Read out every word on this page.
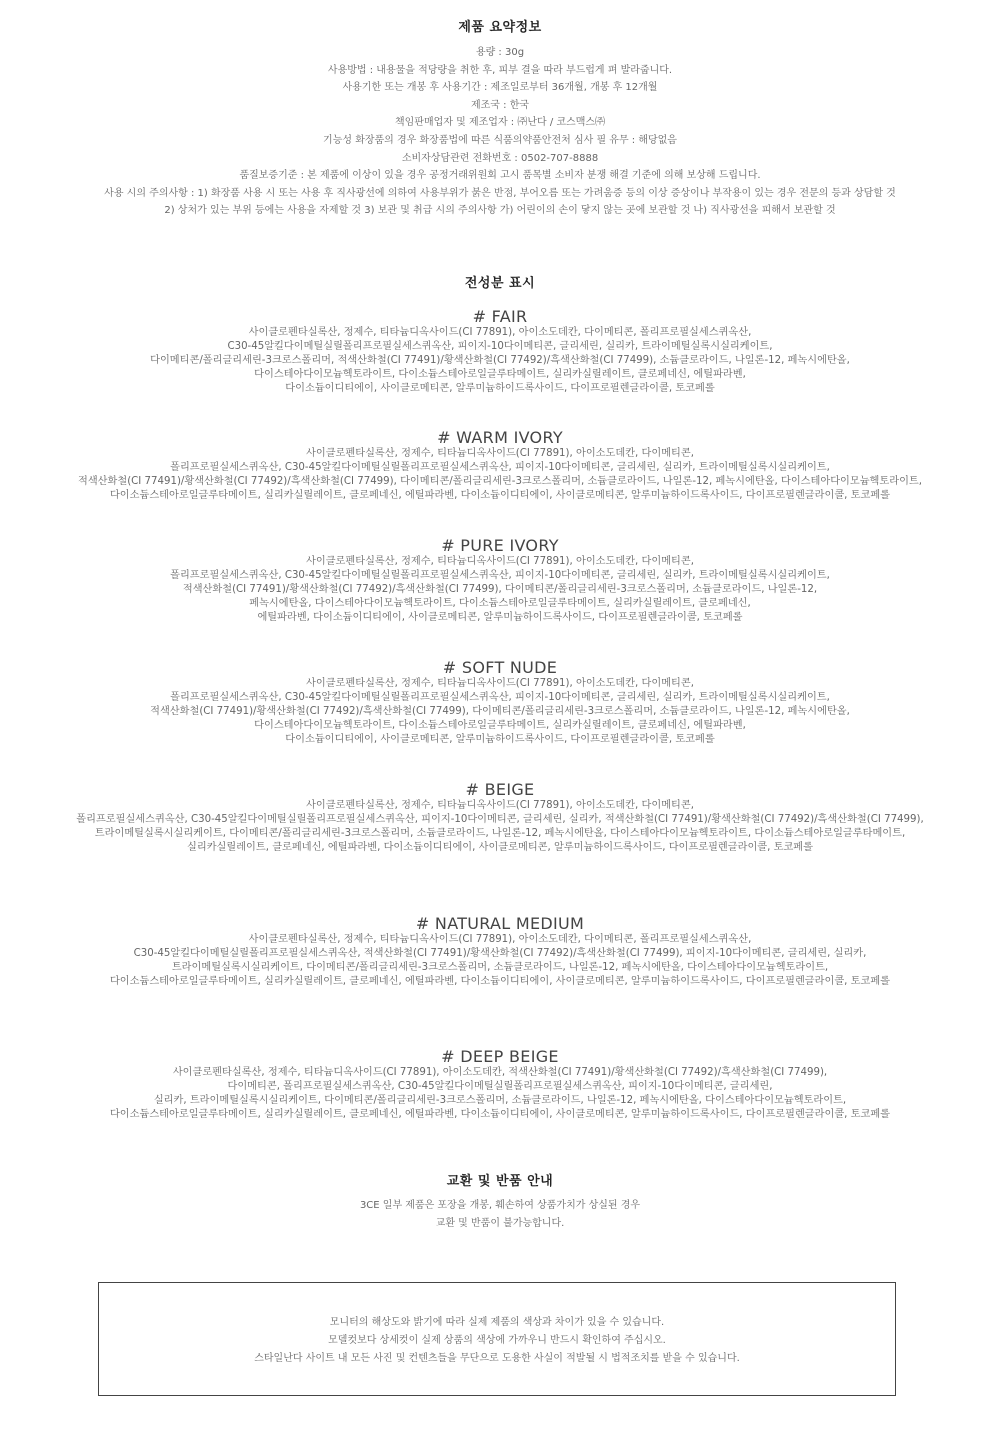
제품 요약정보
용량 : 30g
사용방법 : 내용물을 적당량을 취한 후, 피부 결을 따라 부드럽게 펴 발라줍니다.
사용기한 또는 개봉 후 사용기간 : 제조일로부터 36개월, 개봉 후 12개월
제조국 : 한국
책임판매업자 및 제조업자 : ㈜난다 / 코스맥스㈜
기능성 화장품의 경우 화장품법에 따른 식품의약품안전처 심사 필 유무 : 해당없음
소비자상담관련 전화번호 : 0502-707-8888
품질보증기준 : 본 제품에 이상이 있을 경우 공정거래위원회 고시 품목별 소비자 분쟁 해결 기준에 의해 보상해 드립니다.
사용 시의 주의사항 : 1) 화장품 사용 시 또는 사용 후 직사광선에 의하여 사용부위가 붉은 반점, 부어오름 또는 가려움증 등의 이상 증상이나 부작용이 있는 경우 전문의 등과 상담할 것 2) 상처가 있는 부위 등에는 사용을 자제할 것 3) 보관 및 취급 시의 주의사항 가) 어린이의 손이 닿지 않는 곳에 보관할 것 나) 직사광선을 피해서 보관할 것
전성분 표시
# FAIR

사이클로펜타실록산, 정제수, 티타늄디옥사이드(CI 77891), 아이소도데칸, 다이메티콘, 폴리프로필실세스퀴옥산,

C30-45알킬다이메틸실릴폴리프로필실세스퀴옥산, 피이지-10다이메티콘, 글리세린, 실리카, 트라이메틸실록시실리케이트,

다이메티콘/폴리글리세린-3크로스폴리머, 적색산화철(CI 77491)/황색산화철(CI 77492)/흑색산화철(CI 77499), 소듐클로라이드, 나일론-12, 페녹시에탄올,

다이스테아다이모늄헥토라이트, 다이소듐스테아로일글루타메이트, 실리카실릴레이트, 클로페네신, 에틸파라벤,

다이소듐이디티에이, 사이클로메티콘, 알루미늄하이드록사이드, 다이프로필렌글라이콜, 토코페롤

# WARM IVORY

사이클로펜타실록산, 정제수, 티타늄디옥사이드(CI 77891), 아이소도데칸, 다이메티콘,

폴리프로필실세스퀴옥산, C30-45알킬다이메틸실릴폴리프로필실세스퀴옥산, 피이지-10다이메티콘, 글리세린, 실리카, 트라이메틸실록시실리케이트,

적색산화철(CI 77491)/황색산화철(CI 77492)/흑색산화철(CI 77499), 다이메티콘/폴리글리세린-3크로스폴리머, 소듐클로라이드, 나일론-12, 페녹시에탄올, 다이스테아다이모늄헥토라이트,

다이소듐스테아로일글루타메이트, 실리카실릴레이트, 클로페네신, 에틸파라벤, 다이소듐이디티에이, 사이클로메티콘, 알루미늄하이드록사이드, 다이프로필렌글라이콜, 토코페롤

# PURE IVORY

사이클로펜타실록산, 정제수, 티타늄디옥사이드(CI 77891), 아이소도데칸, 다이메티콘,

폴리프로필실세스퀴옥산, C30-45알킬다이메틸실릴폴리프로필실세스퀴옥산, 피이지-10다이메티콘, 글리세린, 실리카, 트라이메틸실록시실리케이트,

적색산화철(CI 77491)/황색산화철(CI 77492)/흑색산화철(CI 77499), 다이메티콘/폴리글리세린-3크로스폴리머, 소듐클로라이드, 나일론-12,

페녹시에탄올, 다이스테아다이모늄헥토라이트, 다이소듐스테아로일글루타메이트, 실리카실릴레이트, 클로페네신,

에틸파라벤, 다이소듐이디티에이, 사이클로메티콘, 알루미늄하이드록사이드, 다이프로필렌글라이콜, 토코페롤

# SOFT NUDE

사이클로펜타실록산, 정제수, 티타늄디옥사이드(CI 77891), 아이소도데칸, 다이메티콘,

폴리프로필실세스퀴옥산, C30-45알킬다이메틸실릴폴리프로필실세스퀴옥산, 피이지-10다이메티콘, 글리세린, 실리카, 트라이메틸실록시실리케이트,

적색산화철(CI 77491)/황색산화철(CI 77492)/흑색산화철(CI 77499), 다이메티콘/폴리글리세린-3크로스폴리머, 소듐클로라이드, 나일론-12, 페녹시에탄올,

다이스테아다이모늄헥토라이트, 다이소듐스테아로일글루타메이트, 실리카실릴레이트, 클로페네신, 에틸파라벤,

다이소듐이디티에이, 사이클로메티콘, 알루미늄하이드록사이드, 다이프로필렌글라이콜, 토코페롤

# BEIGE

사이클로펜타실록산, 정제수, 티타늄디옥사이드(CI 77891), 아이소도데칸, 다이메티콘,

폴리프로필실세스퀴옥산, C30-45알킬다이메틸실릴폴리프로필실세스퀴옥산, 피이지-10다이메티콘, 글리세린, 실리카, 적색산화철(CI 77491)/황색산화철(CI 77492)/흑색산화철(CI 77499),

트라이메틸실록시실리케이트, 다이메티콘/폴리글리세린-3크로스폴리머, 소듐클로라이드, 나일론-12, 페녹시에탄올, 다이스테아다이모늄헥토라이트, 다이소듐스테아로일글루타메이트,

실리카실릴레이트, 클로페네신, 에틸파라벤, 다이소듐이디티에이, 사이클로메티콘, 알루미늄하이드록사이드, 다이프로필렌글라이콜, 토코페롤

# NATURAL MEDIUM

사이클로펜타실록산, 정제수, 티타늄디옥사이드(CI 77891), 아이소도데칸, 다이메티콘, 폴리프로필실세스퀴옥산,

C30-45알킬다이메틸실릴폴리프로필실세스퀴옥산, 적색산화철(CI 77491)/황색산화철(CI 77492)/흑색산화철(CI 77499), 피이지-10다이메티콘, 글리세린, 실리카,

트라이메틸실록시실리케이트, 다이메티콘/폴리글리세린-3크로스폴리머, 소듐클로라이드, 나일론-12, 페녹시에탄올, 다이스테아다이모늄헥토라이트,

다이소듐스테아로일글루타메이트, 실리카실릴레이트, 클로페네신, 에틸파라벤, 다이소듐이디티에이, 사이클로메티콘, 알루미늄하이드록사이드, 다이프로필렌글라이콜, 토코페롤

# DEEP BEIGE

사이클로펜타실록산, 정제수, 티타늄디옥사이드(CI 77891), 아이소도데칸, 적색산화철(CI 77491)/황색산화철(CI 77492)/흑색산화철(CI 77499),

다이메티콘, 폴리프로필실세스퀴옥산, C30-45알킬다이메틸실릴폴리프로필실세스퀴옥산, 피이지-10다이메티콘, 글리세린,

실리카, 트라이메틸실록시실리케이트, 다이메티콘/폴리글리세린-3크로스폴리머, 소듐클로라이드, 나일론-12, 페녹시에탄올, 다이스테아다이모늄헥토라이트,

다이소듐스테아로일글루타메이트, 실리카실릴레이트, 클로페네신, 에틸파라벤, 다이소듐이디티에이, 사이클로메티콘, 알루미늄하이드록사이드, 다이프로필렌글라이콜, 토코페롤

교환 및 반품 안내
3CE 일부 제품은 포장을 개봉, 훼손하여 상품가치가 상실된 경우
교환 및 반품이 불가능합니다.

모니터의 해상도와 밝기에 따라 실제 제품의 색상과 차이가 있을 수 있습니다.

모델컷보다 상세컷이 실제 상품의 색상에 가까우니 반드시 확인하여 주십시오.

스타일난다 사이트 내 모든 사진 및 컨텐츠들을 무단으로 도용한 사실이 적발될 시 법적조치를 받을 수 있습니다.
